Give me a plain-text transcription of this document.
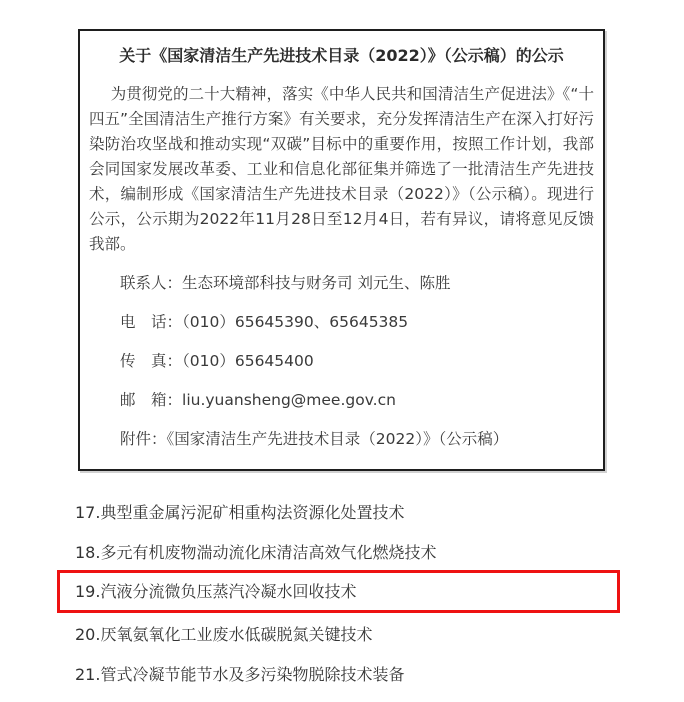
关于《国家清洁生产先进技术目录（2022）》（公示稿）的公示

为贯彻党的二十大精神，落实《中华人民共和国清洁生产促进法》《“十四五”全国清洁生产推行方案》有关要求，充分发挥清洁生产在深入打好污染防治攻坚战和推动实现“双碳”目标中的重要作用，按照工作计划，我部会同国家发展改革委、工业和信息化部征集并筛选了一批清洁生产先进技术，编制形成《国家清洁生产先进技术目录（2022）》（公示稿）。现进行公示，公示期为2022年11月28日至12月4日，若有异议，请将意见反馈我部。

联系人：生态环境部科技与财务司 刘元生、陈胜

电　话：（010）65645390、65645385

传　真：（010）65645400

邮　箱：liu.yuansheng@mee.gov.cn

附件：《国家清洁生产先进技术目录（2022）》（公示稿）

17.典型重金属污泥矿相重构法资源化处置技术
18.多元有机废物湍动流化床清洁高效气化燃烧技术
19.汽液分流微负压蒸汽冷凝水回收技术
20.厌氧氨氧化工业废水低碳脱氮关键技术
21.管式冷凝节能节水及多污染物脱除技术装备
